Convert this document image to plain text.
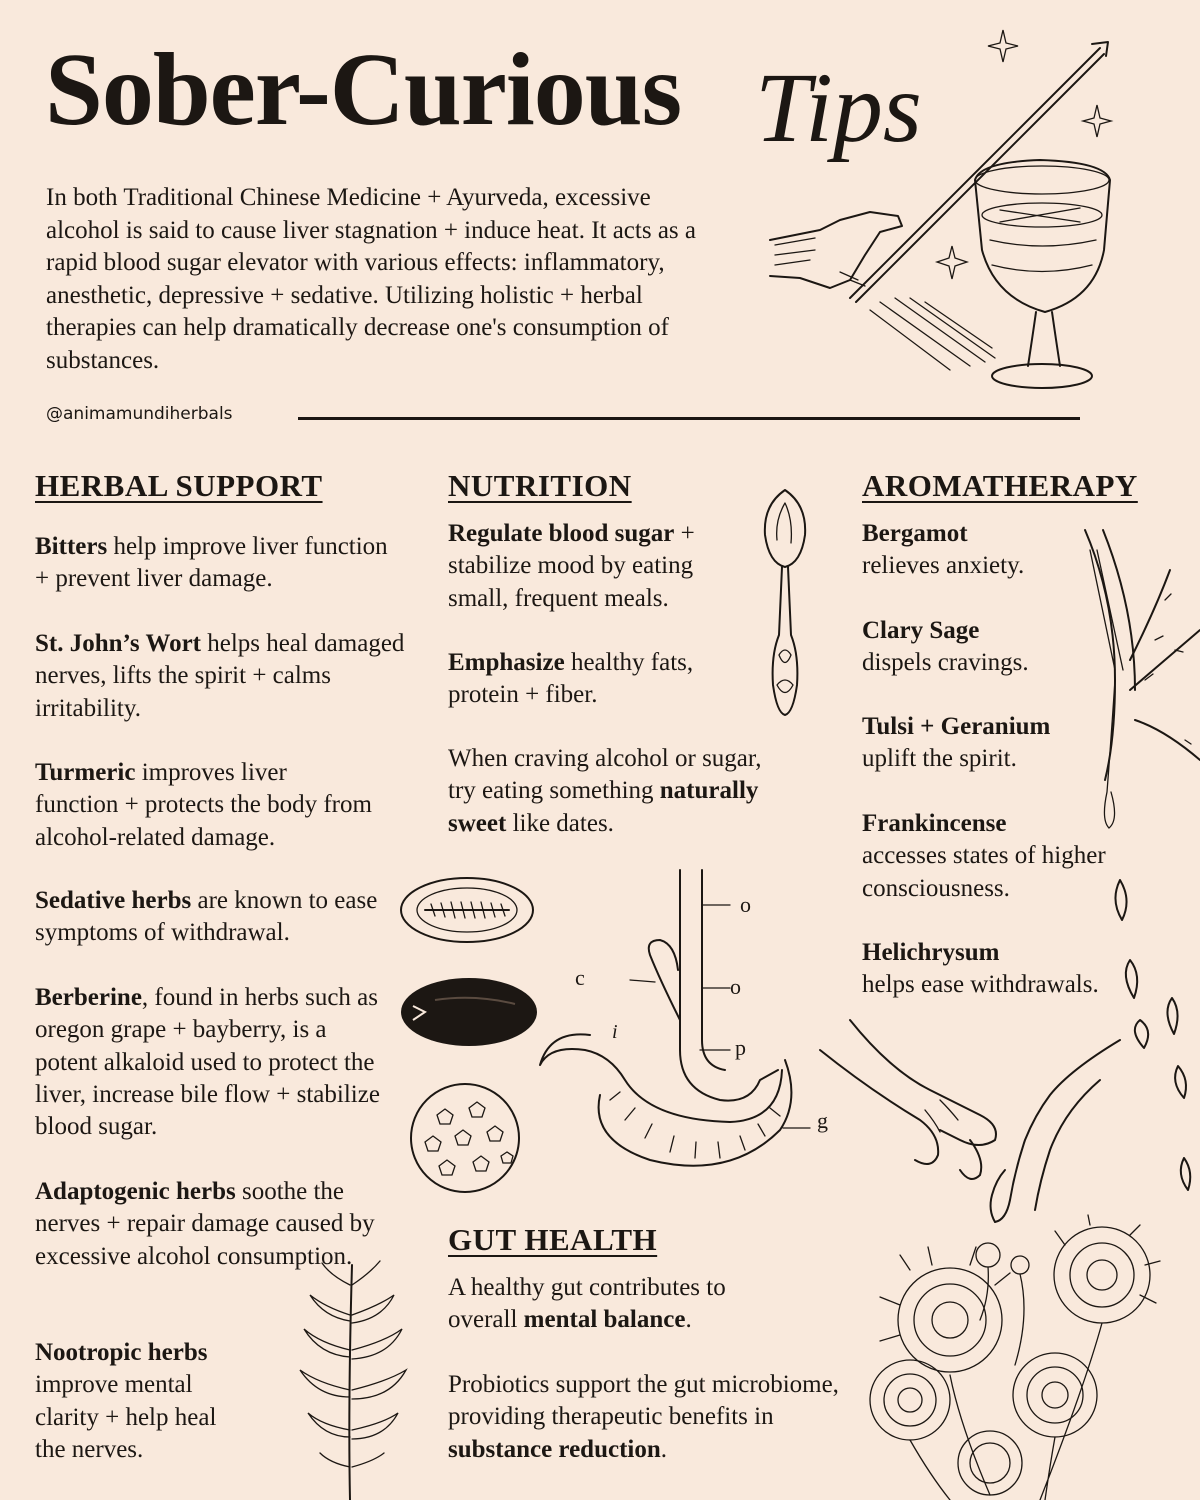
Sober-Curious Tips
In both Traditional Chinese Medicine + Ayurveda, excessive alcohol is said to cause liver stagnation + induce heat. It acts as a rapid blood sugar elevator with various effects: inflammatory, anesthetic, depressive + sedative. Utilizing holistic + herbal therapies can help dramatically decrease one's consumption of substances.
@animamundiherbals
HERBAL SUPPORT
Bitters help improve liver function + prevent liver damage.
St. John’s Wort helps heal damaged nerves, lifts the spirit + calms irritability.
Turmeric improves liver function + protects the body from alcohol-related damage.
Sedative herbs are known to ease symptoms of withdrawal.
Berberine, found in herbs such as oregon grape + bayberry, is a potent alkaloid used to protect the liver, increase bile flow + stabilize blood sugar.
Adaptogenic herbs soothe the nerves + repair damage caused by excessive alcohol consumption.
Nootropic herbs improve mental clarity + help heal the nerves.
NUTRITION
Regulate blood sugar + stabilize mood by eating small, frequent meals.
Emphasize healthy fats, protein + fiber.
When craving alcohol or sugar, try eating something naturally sweet like dates.
o
o
c
i
p
g
GUT HEALTH
A healthy gut contributes to overall mental balance.
Probiotics support the gut microbiome, providing therapeutic benefits in substance reduction.
AROMATHERAPY
Bergamot
relieves anxiety.
Clary Sage
dispels cravings.
Tulsi + Geranium
uplift the spirit.
Frankincense
accesses states of higher consciousness.
Helichrysum
helps ease withdrawals.
